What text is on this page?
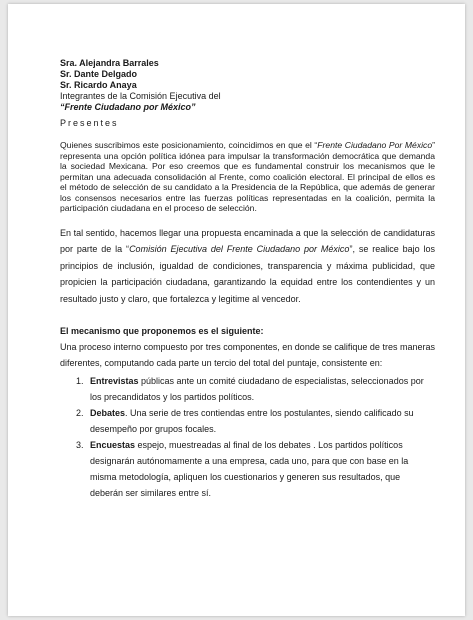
Sra. Alejandra Barrales
Sr. Dante Delgado
Sr. Ricardo Anaya
Integrantes de la Comisión Ejecutiva del
“Frente Ciudadano por México”
Presentes

Quienes suscribimos este posicionamiento, coincidimos en que el “Frente Ciudadano Por México” representa una opción política idónea para impulsar la transformación democrática que demanda la sociedad Mexicana. Por eso creemos que es fundamental construir los mecanismos que le permitan una adecuada consolidación al Frente, como coalición electoral. El principal de ellos es el método de selección de su candidato a la Presidencia de la República, que además de generar los consensos necesarios entre las fuerzas políticas representadas en la coalición, permita la participación ciudadana en el proceso de selección.

En tal sentido, hacemos llegar una propuesta encaminada a que la selección de candidaturas por parte de la “Comisión Ejecutiva del Frente Ciudadano por México”, se realice bajo los principios de inclusión, igualdad de condiciones, transparencia y máxima publicidad, que propicien la participación ciudadana, garantizando la equidad entre los contendientes y un resultado justo y claro, que fortalezca y legitime al vencedor.

El mecanismo que proponemos es el siguiente:
Una proceso interno compuesto por tres componentes, en donde se califique de tres maneras diferentes, computando cada parte un tercio del total del puntaje, consistente en:
1. Entrevistas públicas ante un comité ciudadano de especialistas, seleccionados por los precandidatos y los partidos políticos.
2. Debates. Una serie de tres contiendas entre los postulantes, siendo calificado su desempeño por grupos focales.
3. Encuestas espejo, muestreadas al final de los debates . Los partidos políticos designarán autónomamente a una empresa, cada uno, para que con base en la misma metodología, apliquen los cuestionarios y generen sus resultados, que deberán ser similares entre sí.
